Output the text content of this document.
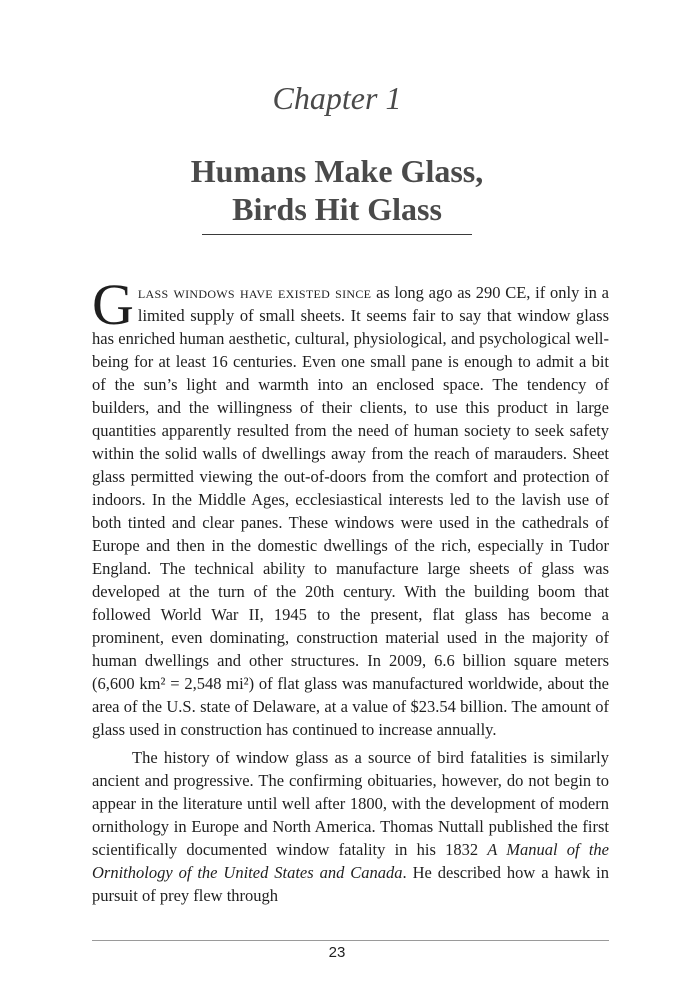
Chapter 1
Humans Make Glass,
Birds Hit Glass

Glass windows have existed since as long ago as 290 CE, if only in a limited supply of small sheets. It seems fair to say that window glass has enriched human aesthetic, cultural, physiological, and psychological well-being for at least 16 centuries. Even one small pane is enough to admit a bit of the sun’s light and warmth into an enclosed space. The tendency of builders, and the willingness of their clients, to use this product in large quantities apparently resulted from the need of human society to seek safety within the solid walls of dwellings away from the reach of marauders. Sheet glass permitted viewing the out-of-doors from the comfort and protection of indoors. In the Middle Ages, ecclesiastical interests led to the lavish use of both tinted and clear panes. These windows were used in the cathedrals of Europe and then in the domestic dwellings of the rich, especially in Tudor England. The technical ability to manufacture large sheets of glass was developed at the turn of the 20th century. With the building boom that followed World War II, 1945 to the present, flat glass has become a prominent, even dominating, construction material used in the majority of human dwellings and other structures. In 2009, 6.6 billion square meters (6,600 km² = 2,548 mi²) of flat glass was manufactured worldwide, about the area of the U.S. state of Delaware, at a value of $23.54 billion. The amount of glass used in construction has continued to increase annually.

The history of window glass as a source of bird fatalities is similarly ancient and progressive. The confirming obituaries, however, do not begin to appear in the literature until well after 1800, with the development of modern ornithology in Europe and North America. Thomas Nuttall published the first scientifically documented window fatality in his 1832 A Manual of the Ornithology of the United States and Canada. He described how a hawk in pursuit of prey flew through

23
